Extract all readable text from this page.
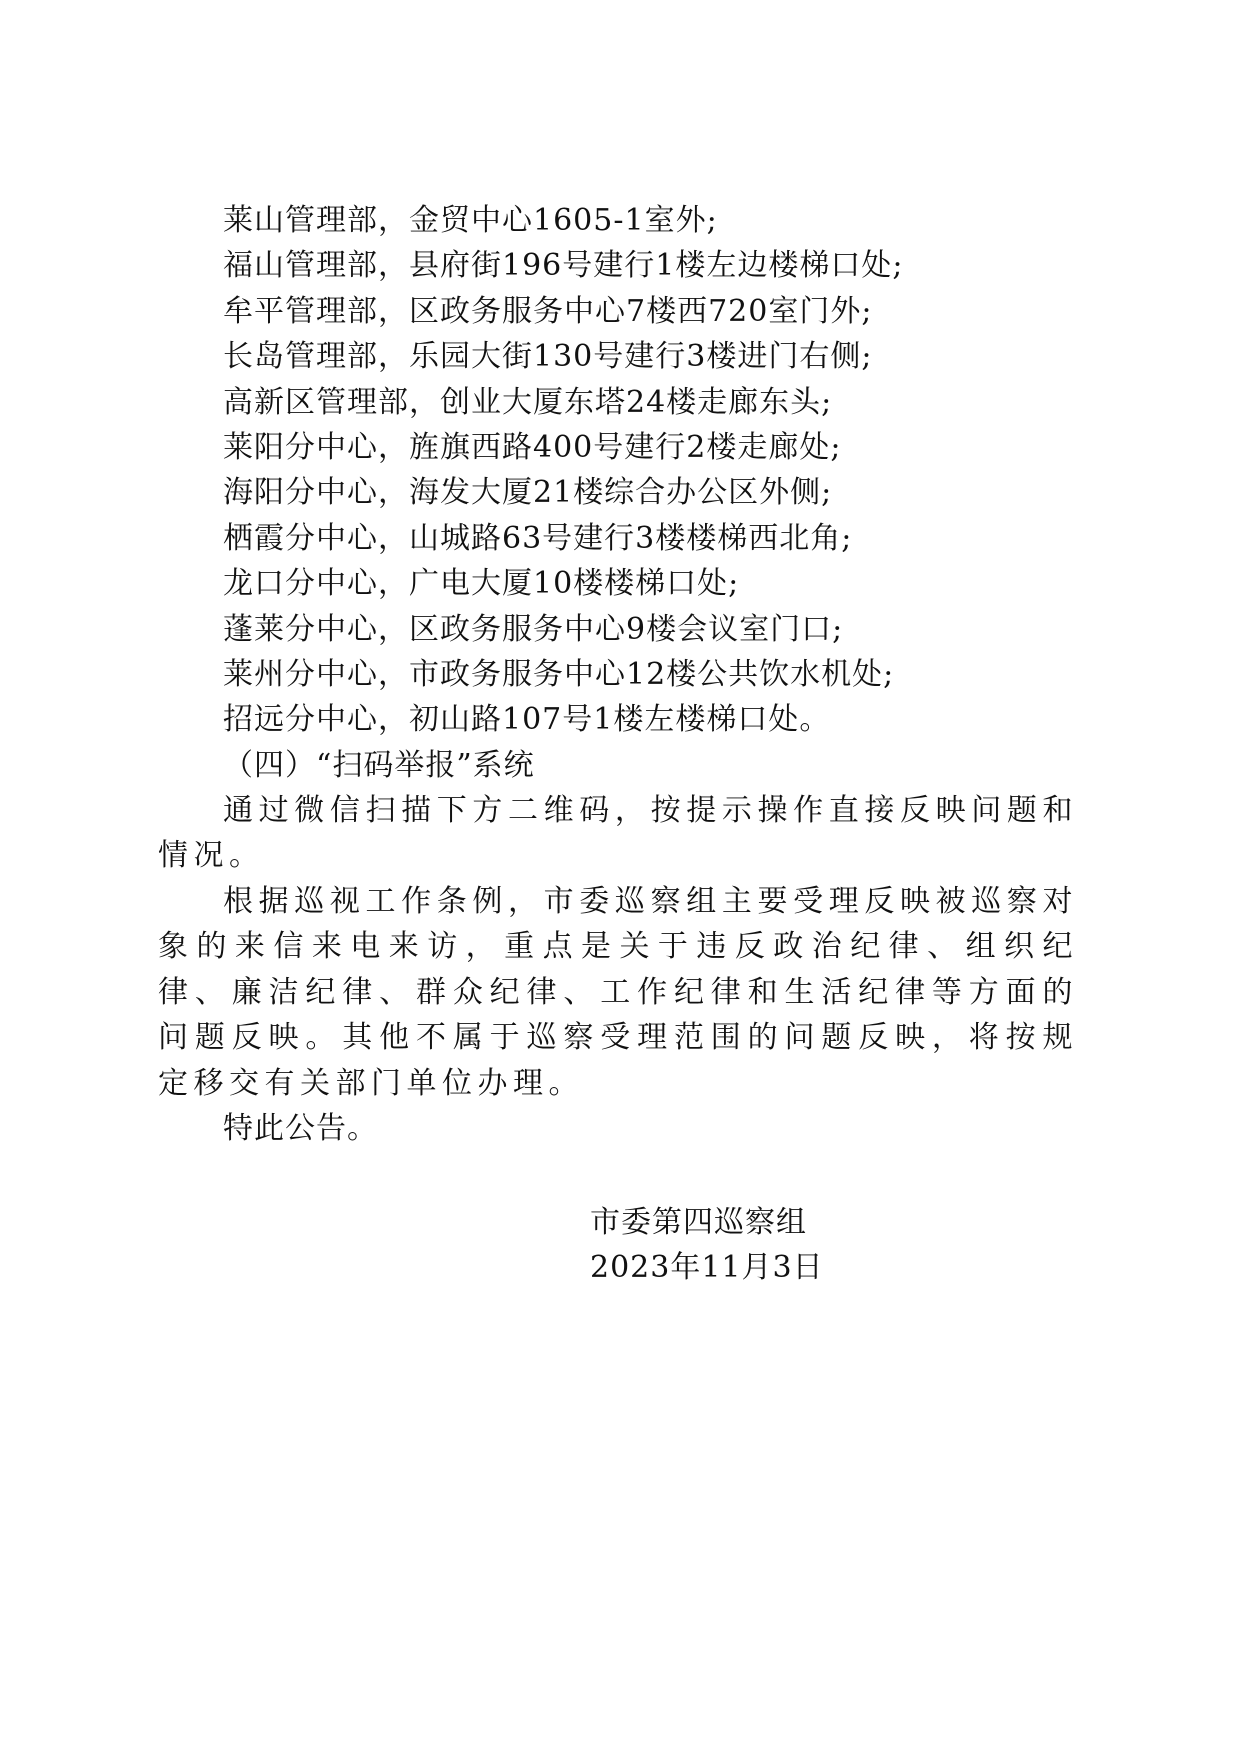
莱山管理部，金贸中心1605-1室外;
福山管理部，县府街196号建行1楼左边楼梯口处;
牟平管理部，区政务服务中心7楼西720室门外;
长岛管理部，乐园大街130号建行3楼进门右侧;
高新区管理部，创业大厦东塔24楼走廊东头;
莱阳分中心，旌旗西路400号建行2楼走廊处;
海阳分中心，海发大厦21楼综合办公区外侧;
栖霞分中心，山城路63号建行3楼楼梯西北角;
龙口分中心，广电大厦10楼楼梯口处;
蓬莱分中心，区政务服务中心9楼会议室门口;
莱州分中心，市政务服务中心12楼公共饮水机处;
招远分中心，初山路107号1楼左楼梯口处。
（四）“扫码举报”系统

通过微信扫描下方二维码，按提示操作直接反映问题和情况。

根据巡视工作条例，市委巡察组主要受理反映被巡察对象的来信来电来访，重点是关于违反政治纪律、组织纪律、廉洁纪律、群众纪律、工作纪律和生活纪律等方面的问题反映。其他不属于巡察受理范围的问题反映，将按规定移交有关部门单位办理。

特此公告。
市委第四巡察组
2023年11月3日
